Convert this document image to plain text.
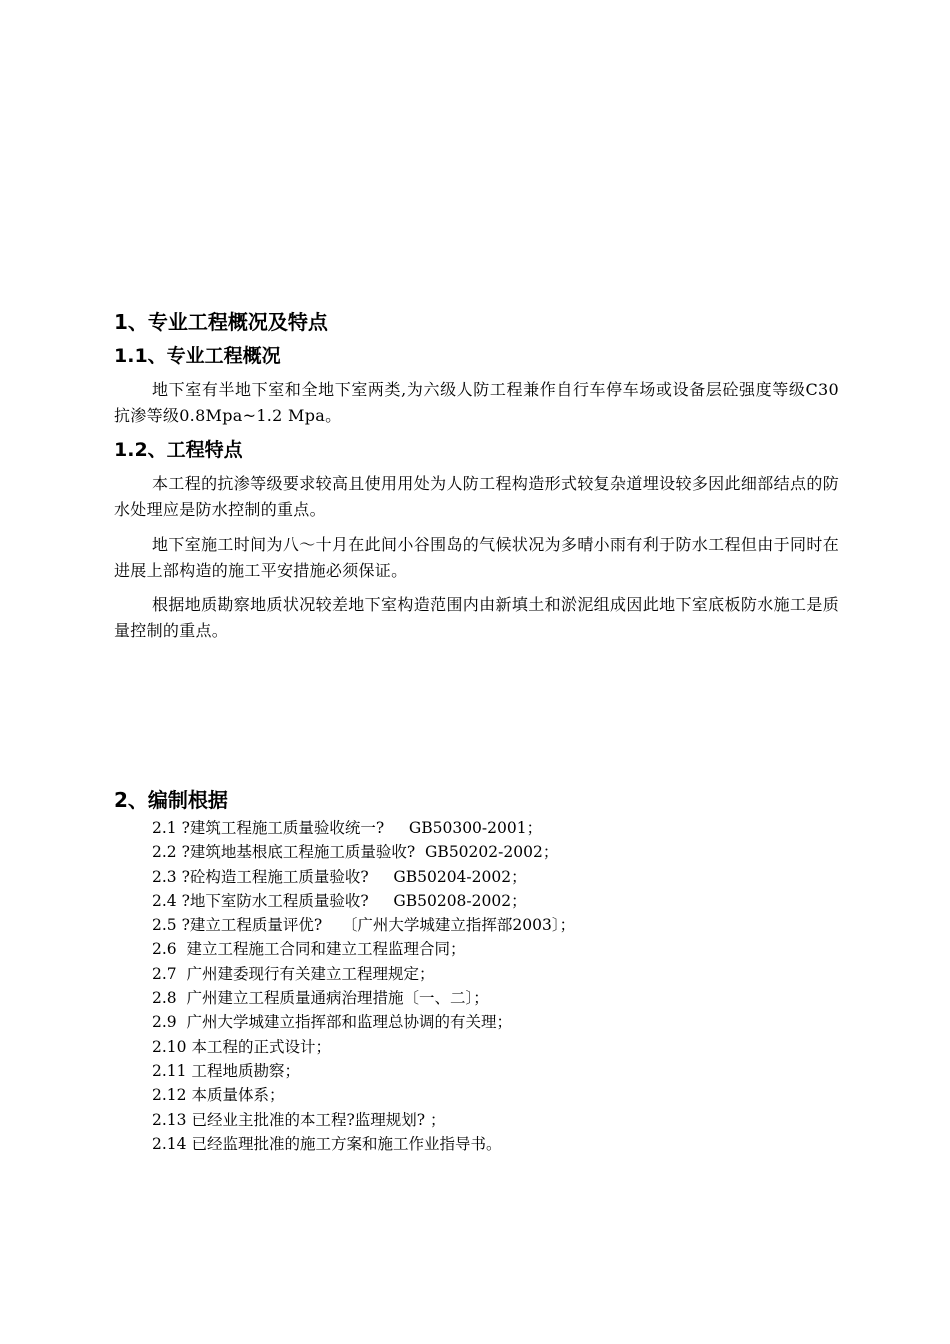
1、专业工程概况及特点
1.1、专业工程概况

地下室有半地下室和全地下室两类,为六级人防工程兼作自行车停车场或设备层砼强度等级C30抗渗等级0.8Mpa~1.2 Mpa。

1.2、工程特点

本工程的抗渗等级要求较高且使用用处为人防工程构造形式较复杂道埋设较多因此细部结点的防水处理应是防水控制的重点。

地下室施工时间为八～十月在此间小谷围岛的气候状况为多晴小雨有利于防水工程但由于同时在进展上部构造的施工平安措施必须保证。

根据地质勘察地质状况较差地下室构造范围内由新填土和淤泥组成因此地下室底板防水施工是质量控制的重点。

2、编制根据
2.1 ?建筑工程施工质量验收统一?     GB50300-2001；
2.2 ?建筑地基根底工程施工质量验收?  GB50202-2002；
2.3 ?砼构造工程施工质量验收?     GB50204-2002；
2.4 ?地下室防水工程质量验收?     GB50208-2002；
2.5 ?建立工程质量评优?    〔广州大学城建立指挥部2003〕；
2.6  建立工程施工合同和建立工程监理合同；
2.7  广州建委现行有关建立工程理规定；
2.8  广州建立工程质量通病治理措施〔一、二〕；
2.9  广州大学城建立指挥部和监理总协调的有关理；
2.10 本工程的正式设计；
2.11 工程地质勘察；
2.12 本质量体系；
2.13 已经业主批准的本工程?监理规划? ；
2.14 已经监理批准的施工方案和施工作业指导书。
